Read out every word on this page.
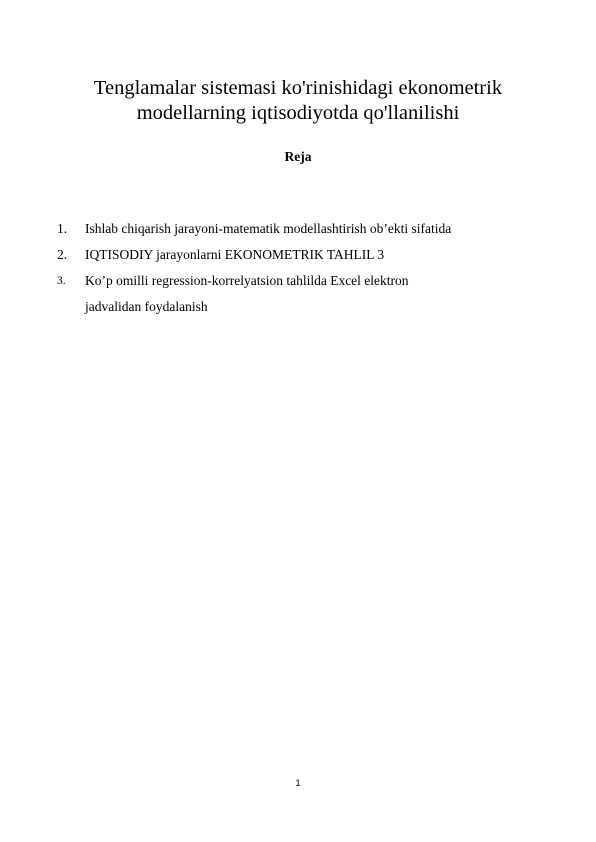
Tenglamalar sistemasi ko'rinishidagi ekonometrik
modellarning iqtisodiyotda qo'llanilishi

Reja

1.	Ishlab chiqarish jarayoni-matematik modellashtirish ob’ekti sifatida
2.	IQTISODIY jarayonlarni EKONOMETRIK TAHLIL 3
3.	Ko’p omilli regression-korrelyatsion tahlilda Excel elektron
jadvalidan foydalanish
1
